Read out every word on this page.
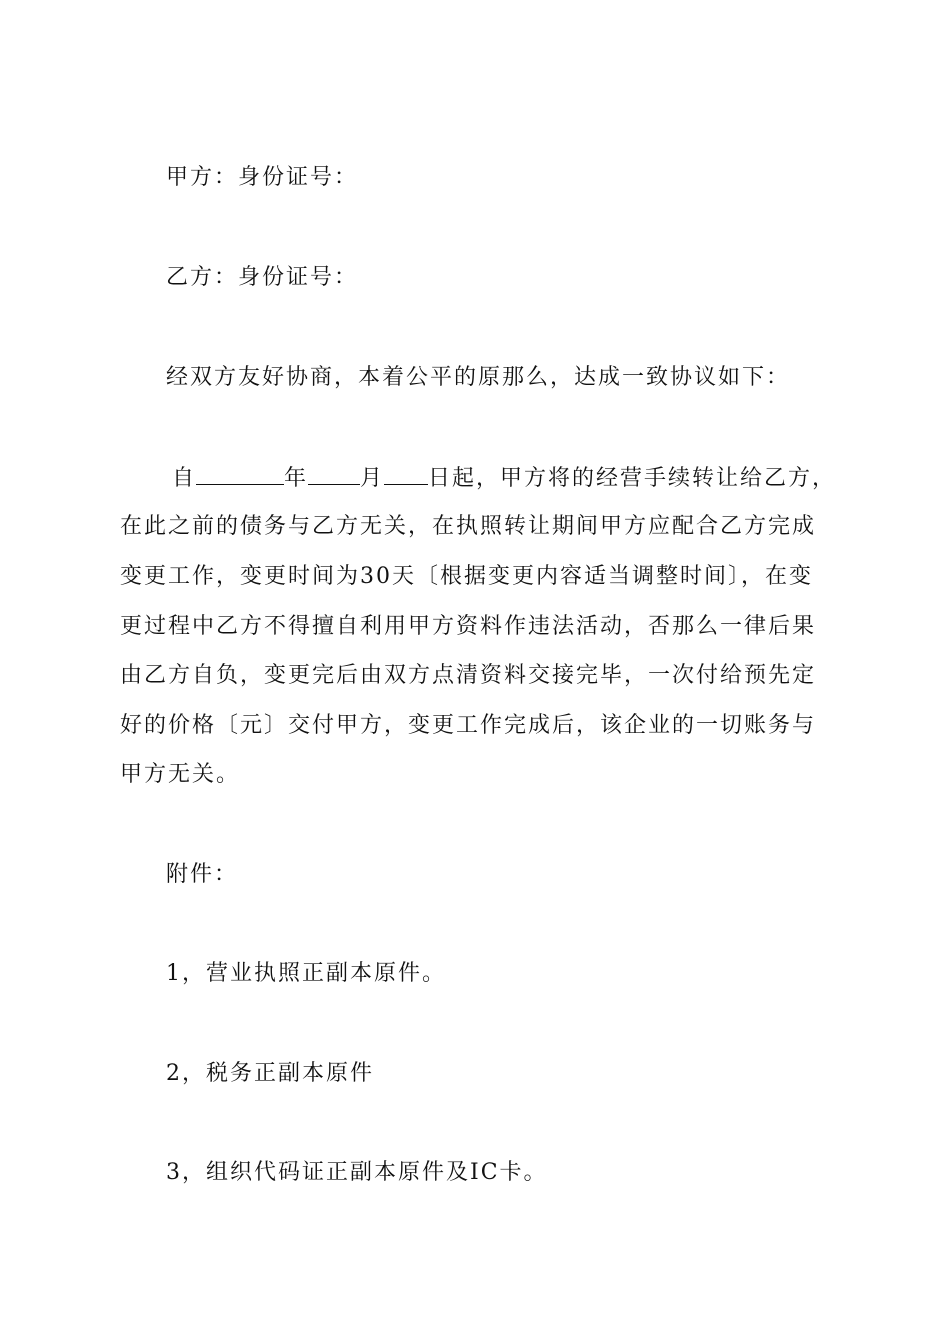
甲方：身份证号：
乙方：身份证号：
经双方友好协商，本着公平的原那么，达成一致协议如下：
自	年 月 日起，甲方将的经营手续转让给乙方，
在此之前的债务与乙方无关，在执照转让期间甲方应配合乙方完成
变更工作，变更时间为30天〔根据变更内容适当调整时间〕，在变
更过程中乙方不得擅自利用甲方资料作违法活动，否那么一律后果
由乙方自负，变更完后由双方点清资料交接完毕，一次付给预先定
好的价格〔元〕交付甲方，变更工作完成后，该企业的一切账务与
甲方无关。
附件：
1，营业执照正副本原件。
2，税务正副本原件
3，组织代码证正副本原件及IC卡。
